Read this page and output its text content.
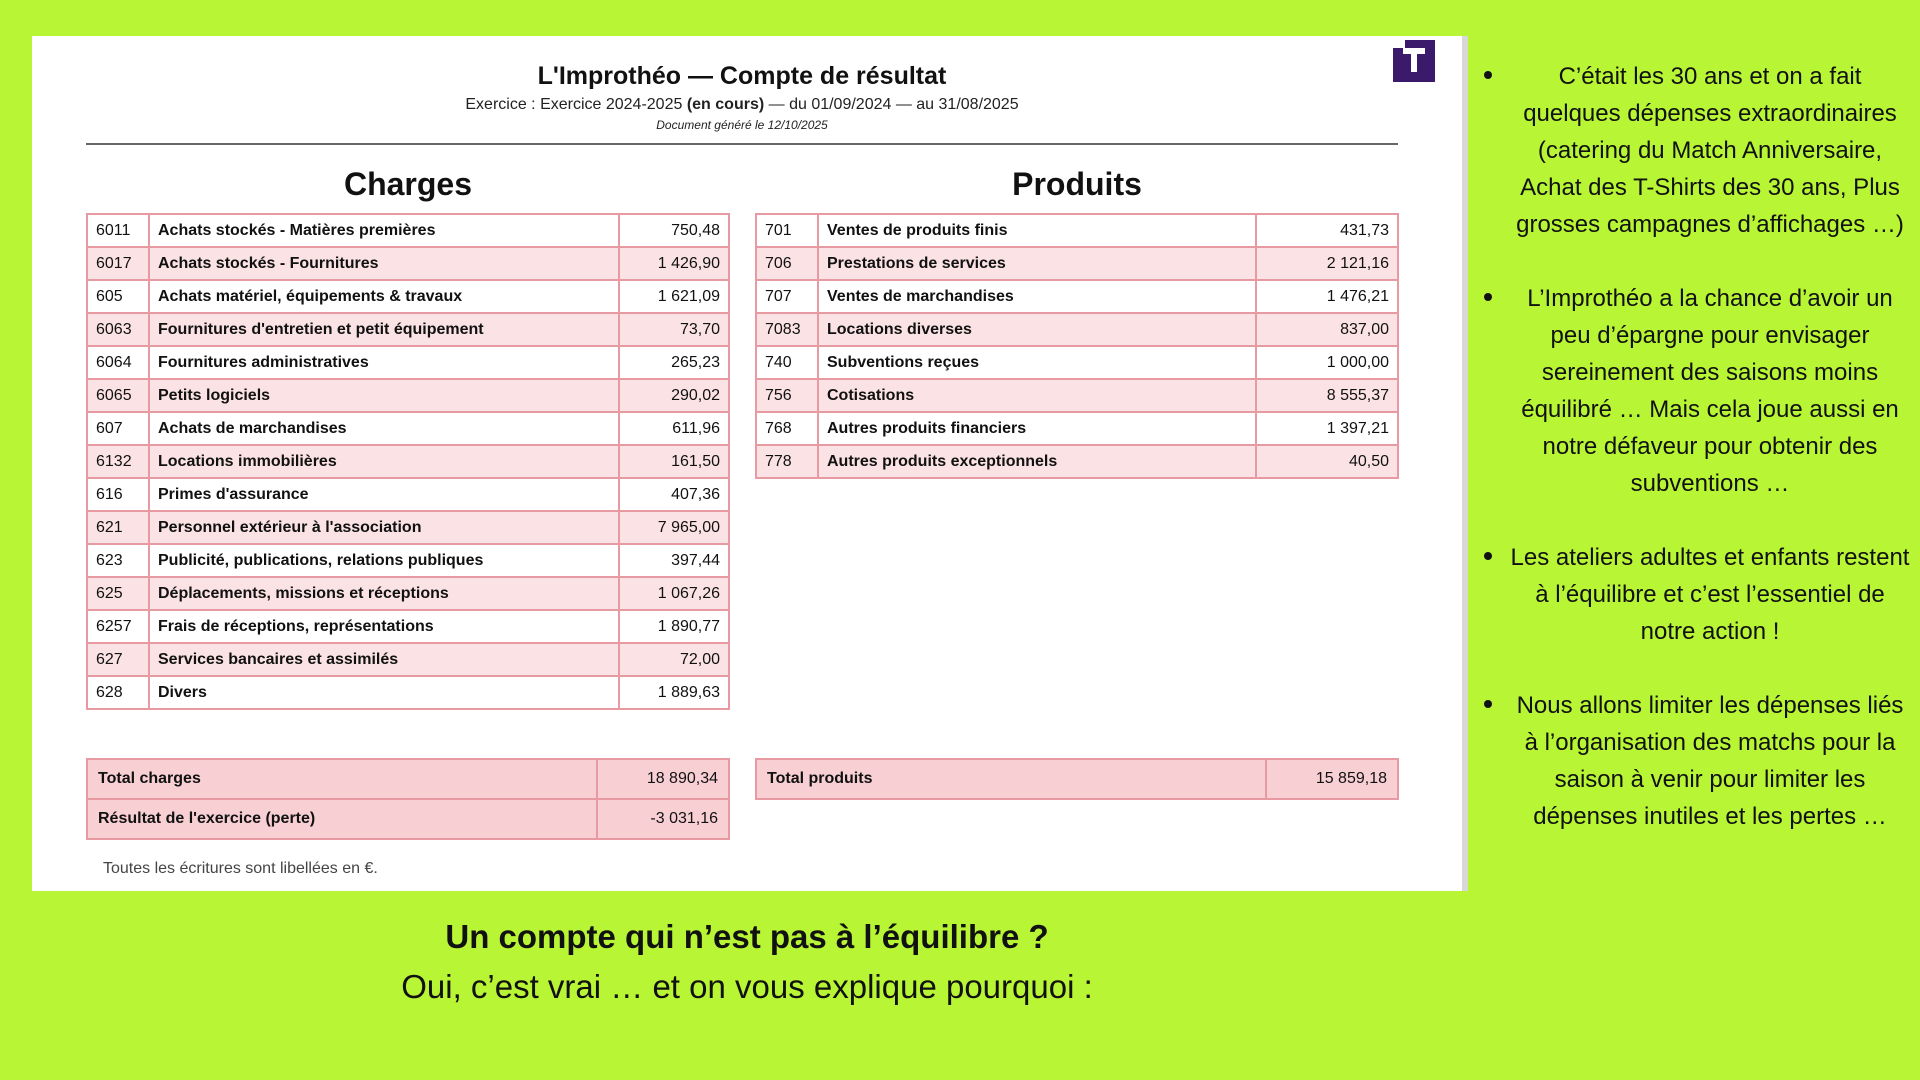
L'Improthéo — Compte de résultat
Exercice : Exercice 2024-2025 (en cours) — du 01/09/2024 — au 31/08/2025
Document généré le 12/10/2025
Charges	Produits
6011	Achats stockés - Matières premières	750,48
6017	Achats stockés - Fournitures	1 426,90
605	Achats matériel, équipements & travaux	1 621,09
6063	Fournitures d'entretien et petit équipement	73,70
6064	Fournitures administratives	265,23
6065	Petits logiciels	290,02
607	Achats de marchandises	611,96
6132	Locations immobilières	161,50
616	Primes d'assurance	407,36
621	Personnel extérieur à l'association	7 965,00
623	Publicité, publications, relations publiques	397,44
625	Déplacements, missions et réceptions	1 067,26
6257	Frais de réceptions, représentations	1 890,77
627	Services bancaires et assimilés	72,00
628	Divers	1 889,63
701	Ventes de produits finis	431,73
706	Prestations de services	2 121,16
707	Ventes de marchandises	1 476,21
7083	Locations diverses	837,00
740	Subventions reçues	1 000,00
756	Cotisations	8 555,37
768	Autres produits financiers	1 397,21
778	Autres produits exceptionnels	40,50
Total charges	18 890,34
Résultat de l'exercice (perte)	-3 031,16
Total produits	15 859,18
Toutes les écritures sont libellées en €.
Un compte qui n’est pas à l’équilibre ?
Oui, c’est vrai … et on vous explique pourquoi :
C’était les 30 ans et on a fait quelques dépenses extraordinaires (catering du Match Anniversaire, Achat des T-Shirts des 30 ans, Plus grosses campagnes d’affichages …)
L’Improthéo a la chance d’avoir un peu d’épargne pour envisager sereinement des saisons moins équilibré … Mais cela joue aussi en notre défaveur pour obtenir des subventions …
Les ateliers adultes et enfants restent à l’équilibre et c’est l’essentiel de notre action !
Nous allons limiter les dépenses liés à l’organisation des matchs pour la saison à venir pour limiter les dépenses inutiles et les pertes …
